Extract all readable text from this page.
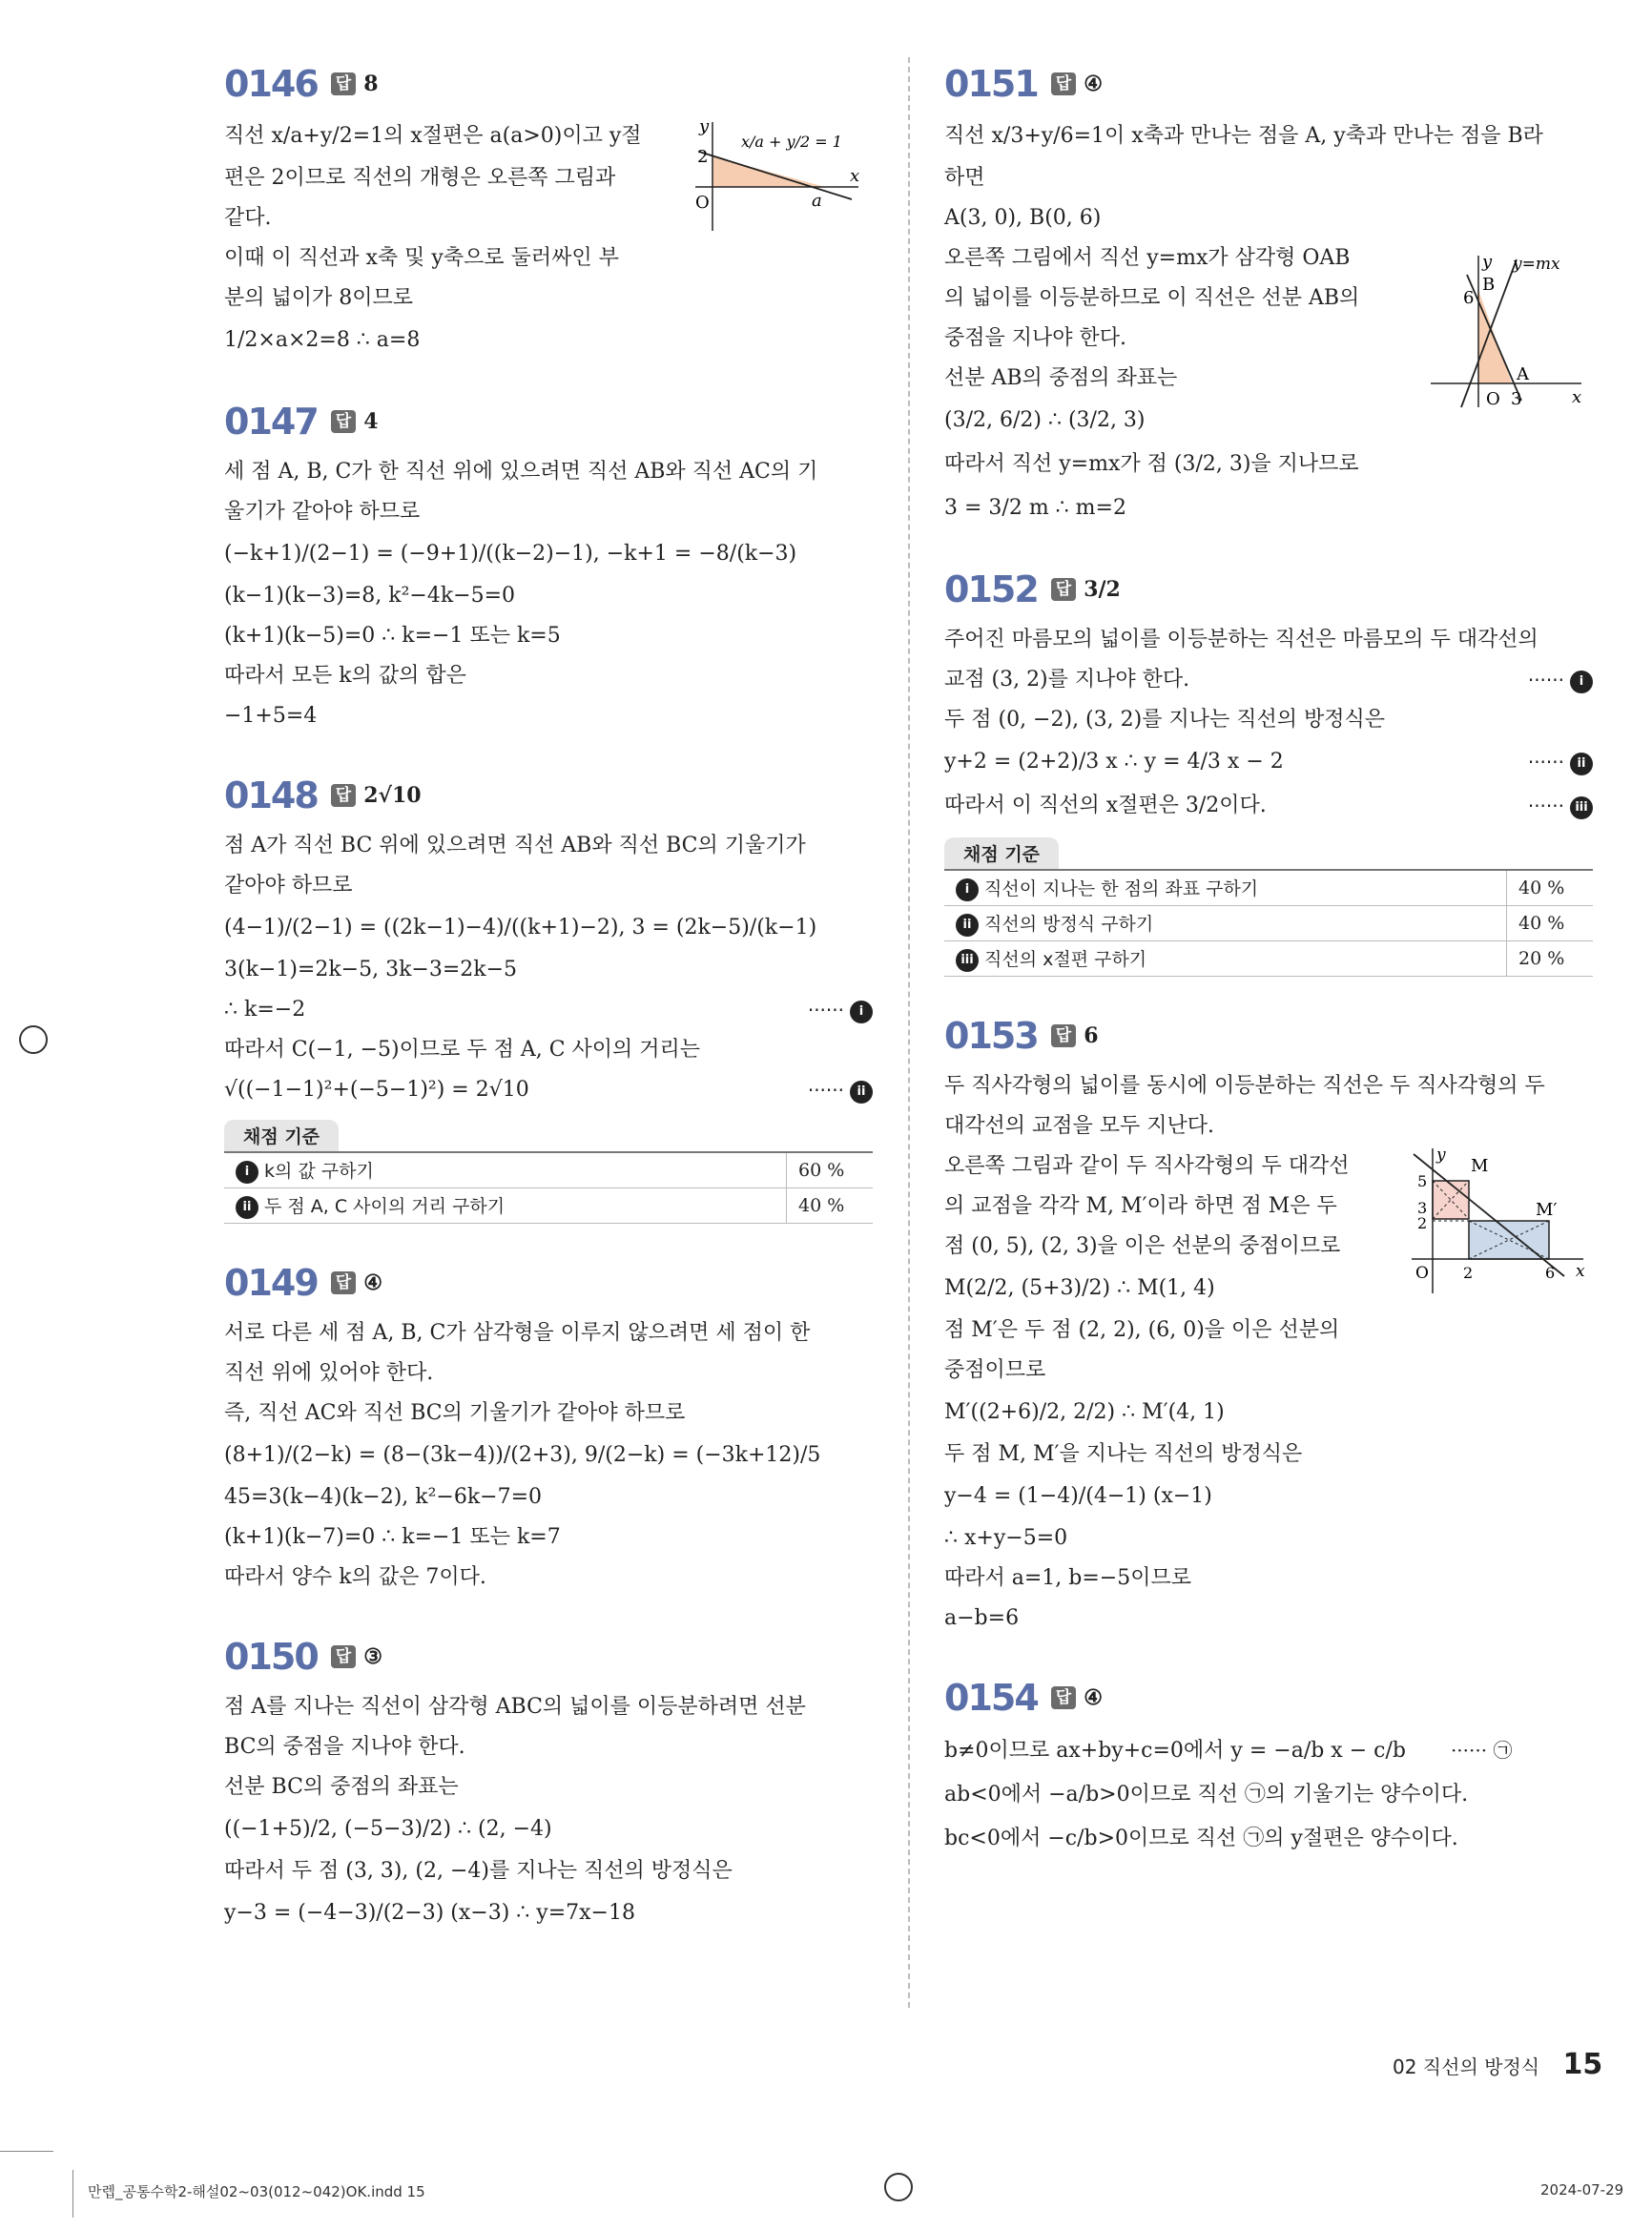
0146 답 8
직선 x/a+y/2=1의 x절편은 a(a>0)이고 y절
편은 2이므로 직선의 개형은 오른쪽 그림과
같다.
이때 이 직선과 x축 및 y축으로 둘러싸인 부
분의 넓이가 8이므로
1/2×a×2=8 ∴ a=8
y
x
O
2
a
x/a + y/2 = 1
0147 답 4
세 점 A, B, C가 한 직선 위에 있으려면 직선 AB와 직선 AC의 기
울기가 같아야 하므로
(−k+1)/(2−1) = (−9+1)/((k−2)−1), −k+1 = −8/(k−3)
(k−1)(k−3)=8, k²−4k−5=0
(k+1)(k−5)=0 ∴ k=−1 또는 k=5
따라서 모든 k의 값의 합은
−1+5=4
0148 답 2√10
점 A가 직선 BC 위에 있으려면 직선 AB와 직선 BC의 기울기가
같아야 하므로
(4−1)/(2−1) = ((2k−1)−4)/((k+1)−2), 3 = (2k−5)/(k−1)
3(k−1)=2k−5, 3k−3=2k−5
∴ k=−2	······ i
따라서 C(−1, −5)이므로 두 점 A, C 사이의 거리는
√((−1−1)²+(−5−1)²) = 2√10	······ ii
채점 기준
i k의 값 구하기	60 %
ii 두 점 A, C 사이의 거리 구하기	40 %
0149 답 ④
서로 다른 세 점 A, B, C가 삼각형을 이루지 않으려면 세 점이 한
직선 위에 있어야 한다.
즉, 직선 AC와 직선 BC의 기울기가 같아야 하므로
(8+1)/(2−k) = (8−(3k−4))/(2+3), 9/(2−k) = (−3k+12)/5
45=3(k−4)(k−2), k²−6k−7=0
(k+1)(k−7)=0 ∴ k=−1 또는 k=7
따라서 양수 k의 값은 7이다.
0150 답 ③
점 A를 지나는 직선이 삼각형 ABC의 넓이를 이등분하려면 선분
BC의 중점을 지나야 한다.
선분 BC의 중점의 좌표는
((−1+5)/2, (−5−3)/2) ∴ (2, −4)
따라서 두 점 (3, 3), (2, −4)를 지나는 직선의 방정식은
y−3 = (−4−3)/(2−3) (x−3) ∴ y=7x−18
0151 답 ④
직선 x/3+y/6=1이 x축과 만나는 점을 A, y축과 만나는 점을 B라
하면
A(3, 0), B(0, 6)
오른쪽 그림에서 직선 y=mx가 삼각형 OAB
의 넓이를 이등분하므로 이 직선은 선분 AB의
중점을 지나야 한다.
선분 AB의 중점의 좌표는
(3/2, 6/2) ∴ (3/2, 3)
따라서 직선 y=mx가 점 (3/2, 3)을 지나므로
3 = 3/2 m ∴ m=2
y
x
O
6
3
B
A
y=mx
0152 답 3/2
주어진 마름모의 넓이를 이등분하는 직선은 마름모의 두 대각선의
교점 (3, 2)를 지나야 한다.	······ i
두 점 (0, −2), (3, 2)를 지나는 직선의 방정식은
y+2 = (2+2)/3 x ∴ y = 4/3 x − 2	······ ii
따라서 이 직선의 x절편은 3/2이다.	······ iii
채점 기준
i 직선이 지나는 한 점의 좌표 구하기	40 %
ii 직선의 방정식 구하기	40 %
iii 직선의 x절편 구하기	20 %
0153 답 6
두 직사각형의 넓이를 동시에 이등분하는 직선은 두 직사각형의 두
대각선의 교점을 모두 지난다.
오른쪽 그림과 같이 두 직사각형의 두 대각선
의 교점을 각각 M, M′이라 하면 점 M은 두
점 (0, 5), (2, 3)을 이은 선분의 중점이므로
M(2/2, (5+3)/2) ∴ M(1, 4)
점 M′은 두 점 (2, 2), (6, 0)을 이은 선분의
중점이므로
M′((2+6)/2, 2/2) ∴ M′(4, 1)
두 점 M, M′을 지나는 직선의 방정식은
y−4 = (1−4)/(4−1) (x−1)
∴ x+y−5=0
따라서 a=1, b=−5이므로
a−b=6
y
x
O
5
3
2
2	6
M
M′
0154 답 ④
b≠0이므로 ax+by+c=0에서 y = −a/b x − c/b ······ ㉠
ab<0에서 −a/b>0이므로 직선 ㉠의 기울기는 양수이다.
bc<0에서 −c/b>0이므로 직선 ㉠의 y절편은 양수이다.
02 직선의 방정식 15
만렙_공통수학2-해설02~03(012~042)OK.indd 15	2024-07-29
